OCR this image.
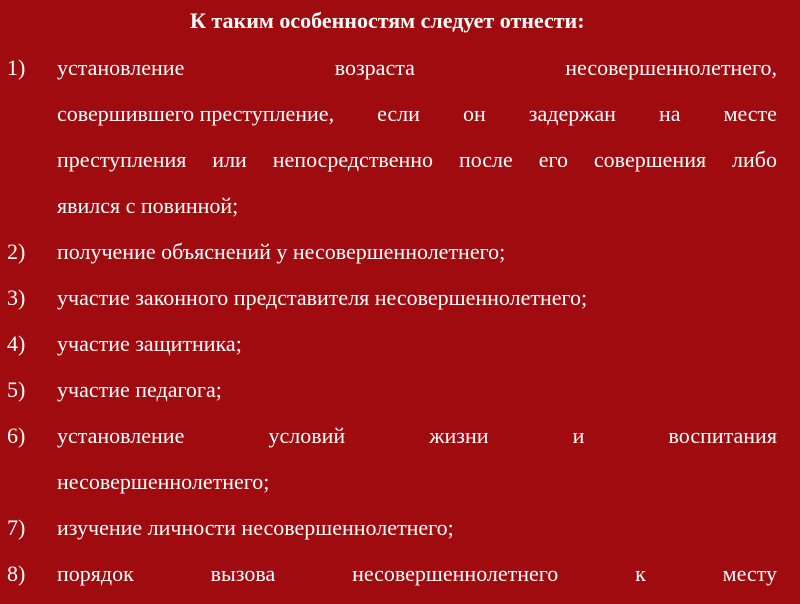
К таким особенностям следует отнести:
1) установление	возраста	несовершеннолетнего,
совершившего преступление, если он задержан на месте
преступления или непосредственно после его совершения либо
явился с повинной;
2) получение объяснений у несовершеннолетнего;
3) участие законного представителя несовершеннолетнего;
4) участие защитника;
5) участие педагога;
6) установление	условий	жизни	и	воспитания
несовершеннолетнего;
7) изучение личности несовершеннолетнего;
8) порядок	вызова	несовершеннолетнего	к	месту
